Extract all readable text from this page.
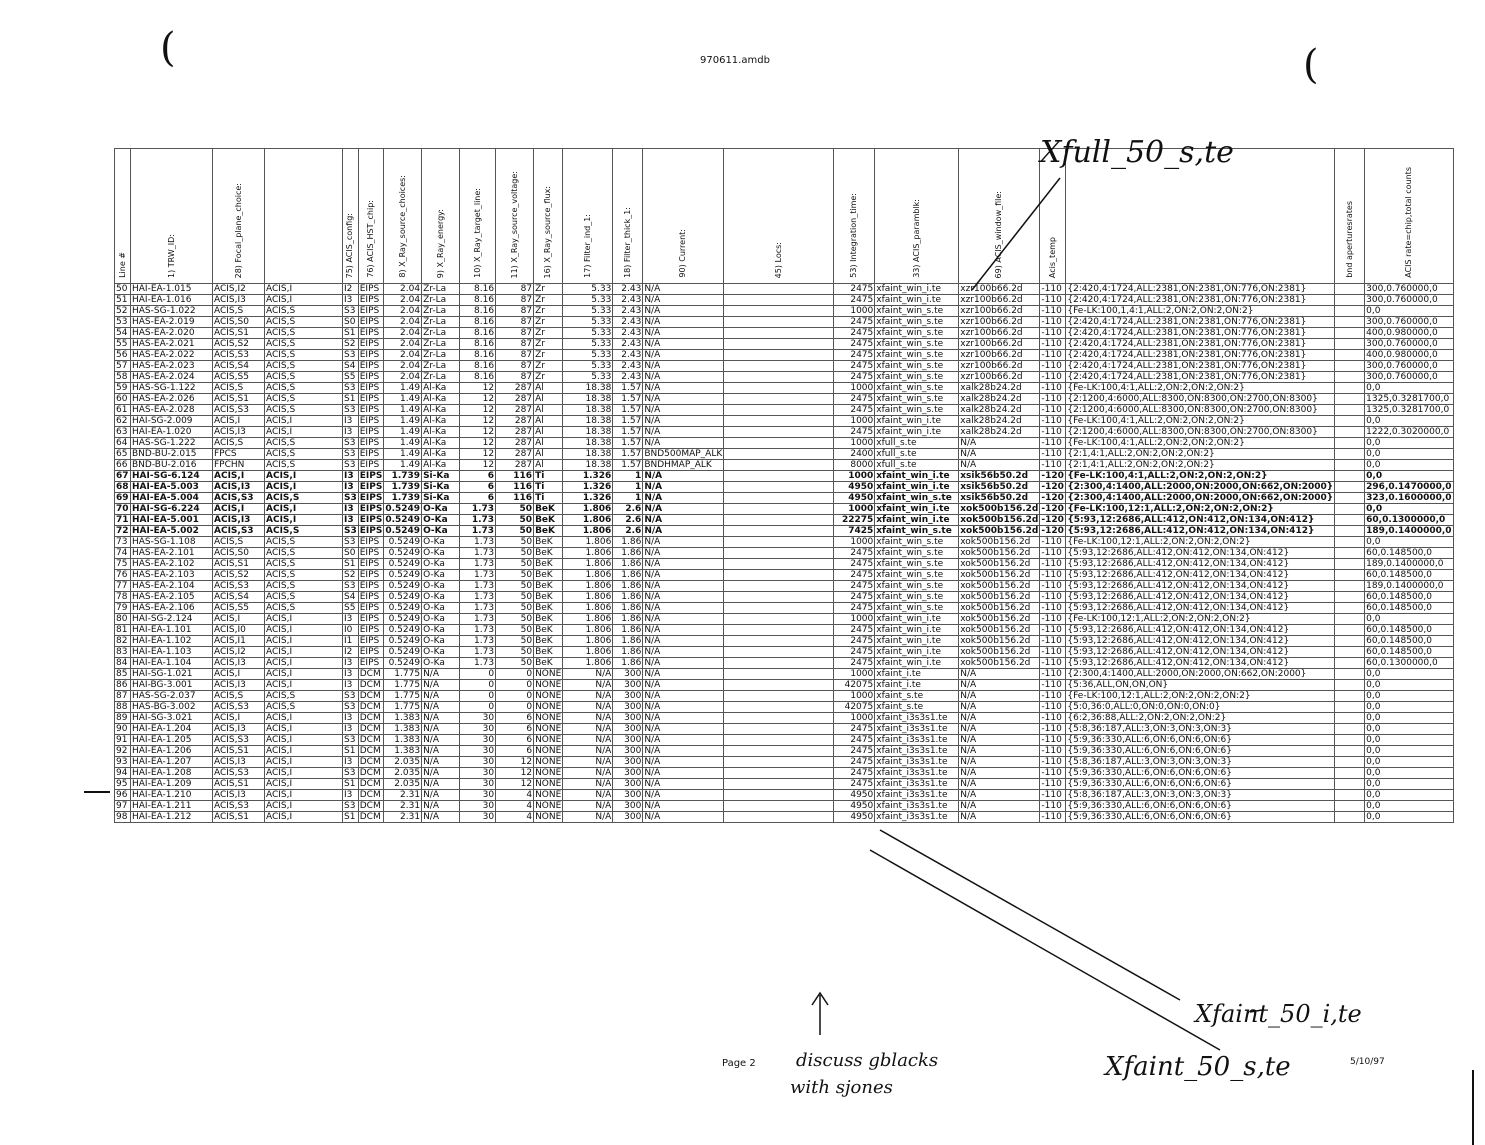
(	(
970611.amdb
Line #	1) TRW_ID:	28) Focal_plane_choice:		75) ACIS_config:	76) ACIS_HST_chip:	8) X_Ray_source_choices:	9) X_Ray_energy:	10) X_Ray_target_line:	11) X_Ray_source_voltage:	16) X_Ray_source_flux:	17) Filter_ind_1:	18) Filter_thick_1:	90) Current:	45) Locs:	53) Integration_time:	33) ACIS_paramblk:	69) ACIS_window_file:	Acis_temp		bnd aperturesrates	ACIS rate=chip,total counts
50	HAI-EA-1.015	ACIS,I2	ACIS,I	I2	EIPS	2.04	Zr-La	8.16	87	Zr	5.33	2.43	N/A		2475	xfaint_win_i.te	xzr100b66.2d	-110	{2:420,4:1724,ALL:2381,ON:2381,ON:776,ON:2381}		300,0.760000,0
51	HAI-EA-1.016	ACIS,I3	ACIS,I	I3	EIPS	2.04	Zr-La	8.16	87	Zr	5.33	2.43	N/A		2475	xfaint_win_i.te	xzr100b66.2d	-110	{2:420,4:1724,ALL:2381,ON:2381,ON:776,ON:2381}		300,0.760000,0
52	HAS-SG-1.022	ACIS,S	ACIS,S	S3	EIPS	2.04	Zr-La	8.16	87	Zr	5.33	2.43	N/A		1000	xfaint_win_s.te	xzr100b66.2d	-110	{Fe-LK:100,1,4:1,ALL:2,ON:2,ON:2,ON:2}		0,0
53	HAS-EA-2.019	ACIS,S0	ACIS,S	S0	EIPS	2.04	Zr-La	8.16	87	Zr	5.33	2.43	N/A		2475	xfaint_win_s.te	xzr100b66.2d	-110	{2:420,4:1724,ALL:2381,ON:2381,ON:776,ON:2381}		300,0.760000,0
54	HAS-EA-2.020	ACIS,S1	ACIS,S	S1	EIPS	2.04	Zr-La	8.16	87	Zr	5.33	2.43	N/A		2475	xfaint_win_s.te	xzr100b66.2d	-110	{2:420,4:1724,ALL:2381,ON:2381,ON:776,ON:2381}		400,0.980000,0
55	HAS-EA-2.021	ACIS,S2	ACIS,S	S2	EIPS	2.04	Zr-La	8.16	87	Zr	5.33	2.43	N/A		2475	xfaint_win_s.te	xzr100b66.2d	-110	{2:420,4:1724,ALL:2381,ON:2381,ON:776,ON:2381}		300,0.760000,0
56	HAS-EA-2.022	ACIS,S3	ACIS,S	S3	EIPS	2.04	Zr-La	8.16	87	Zr	5.33	2.43	N/A		2475	xfaint_win_s.te	xzr100b66.2d	-110	{2:420,4:1724,ALL:2381,ON:2381,ON:776,ON:2381}		400,0.980000,0
57	HAS-EA-2.023	ACIS,S4	ACIS,S	S4	EIPS	2.04	Zr-La	8.16	87	Zr	5.33	2.43	N/A		2475	xfaint_win_s.te	xzr100b66.2d	-110	{2:420,4:1724,ALL:2381,ON:2381,ON:776,ON:2381}		300,0.760000,0
58	HAS-EA-2.024	ACIS,S5	ACIS,S	S5	EIPS	2.04	Zr-La	8.16	87	Zr	5.33	2.43	N/A		2475	xfaint_win_s.te	xzr100b66.2d	-110	{2:420,4:1724,ALL:2381,ON:2381,ON:776,ON:2381}		300,0.760000,0
59	HAS-SG-1.122	ACIS,S	ACIS,S	S3	EIPS	1.49	Al-Ka	12	287	Al	18.38	1.57	N/A		1000	xfaint_win_s.te	xalk28b24.2d	-110	{Fe-LK:100,4:1,ALL:2,ON:2,ON:2,ON:2}		0,0
60	HAS-EA-2.026	ACIS,S1	ACIS,S	S1	EIPS	1.49	Al-Ka	12	287	Al	18.38	1.57	N/A		2475	xfaint_win_s.te	xalk28b24.2d	-110	{2:1200,4:6000,ALL:8300,ON:8300,ON:2700,ON:8300}		1325,0.3281700,0
61	HAS-EA-2.028	ACIS,S3	ACIS,S	S3	EIPS	1.49	Al-Ka	12	287	Al	18.38	1.57	N/A		2475	xfaint_win_s.te	xalk28b24.2d	-110	{2:1200,4:6000,ALL:8300,ON:8300,ON:2700,ON:8300}		1325,0.3281700,0
62	HAI-SG-2.009	ACIS,I	ACIS,I	I3	EIPS	1.49	Al-Ka	12	287	Al	18.38	1.57	N/A		1000	xfaint_win_i.te	xalk28b24.2d	-110	{Fe-LK:100,4:1,ALL:2,ON:2,ON:2,ON:2}		0,0
63	HAI-EA-1.020	ACIS,I3	ACIS,I	I3	EIPS	1.49	Al-Ka	12	287	Al	18.38	1.57	N/A		2475	xfaint_win_i.te	xalk28b24.2d	-110	{2:1200,4:6000,ALL:8300,ON:8300,ON:2700,ON:8300}		1222,0.3020000,0
64	HAS-SG-1.222	ACIS,S	ACIS,S	S3	EIPS	1.49	Al-Ka	12	287	Al	18.38	1.57	N/A		1000	xfull_s.te	N/A	-110	{Fe-LK:100,4:1,ALL:2,ON:2,ON:2,ON:2}		0,0
65	BND-BU-2.015	FPCS	ACIS,S	S3	EIPS	1.49	Al-Ka	12	287	Al	18.38	1.57	BND500MAP_ALK		2400	xfull_s.te	N/A	-110	{2:1,4:1,ALL:2,ON:2,ON:2,ON:2}		0,0
66	BND-BU-2.016	FPCHN	ACIS,S	S3	EIPS	1.49	Al-Ka	12	287	Al	18.38	1.57	BNDHMAP_ALK		8000	xfull_s.te	N/A	-110	{2:1,4:1,ALL:2,ON:2,ON:2,ON:2}		0,0
67	HAI-SG-6.124	ACIS,I	ACIS,I	I3	EIPS	1.739	Si-Ka	6	116	Ti	1.326	1	N/A		1000	xfaint_win_i.te	xsik56b50.2d	-120	{Fe-LK:100,4:1,ALL:2,ON:2,ON:2,ON:2}		0,0
68	HAI-EA-5.003	ACIS,I3	ACIS,I	I3	EIPS	1.739	Si-Ka	6	116	Ti	1.326	1	N/A		4950	xfaint_win_i.te	xsik56b50.2d	-120	{2:300,4:1400,ALL:2000,ON:2000,ON:662,ON:2000}		296,0.1470000,0
69	HAI-EA-5.004	ACIS,S3	ACIS,S	S3	EIPS	1.739	Si-Ka	6	116	Ti	1.326	1	N/A		4950	xfaint_win_s.te	xsik56b50.2d	-120	{2:300,4:1400,ALL:2000,ON:2000,ON:662,ON:2000}		323,0.1600000,0
70	HAI-SG-6.224	ACIS,I	ACIS,I	I3	EIPS	0.5249	O-Ka	1.73	50	BeK	1.806	2.6	N/A		1000	xfaint_win_i.te	xok500b156.2d	-120	{Fe-LK:100,12:1,ALL:2,ON:2,ON:2,ON:2}		0,0
71	HAI-EA-5.001	ACIS,I3	ACIS,I	I3	EIPS	0.5249	O-Ka	1.73	50	BeK	1.806	2.6	N/A		22275	xfaint_win_i.te	xok500b156.2d	-120	{5:93,12:2686,ALL:412,ON:412,ON:134,ON:412}		60,0.1300000,0
72	HAI-EA-5.002	ACIS,S3	ACIS,S	S3	EIPS	0.5249	O-Ka	1.73	50	BeK	1.806	2.6	N/A		7425	xfaint_win_s.te	xok500b156.2d	-120	{5:93,12:2686,ALL:412,ON:412,ON:134,ON:412}		189,0.1400000,0
73	HAS-SG-1.108	ACIS,S	ACIS,S	S3	EIPS	0.5249	O-Ka	1.73	50	BeK	1.806	1.86	N/A		1000	xfaint_win_s.te	xok500b156.2d	-110	{Fe-LK:100,12:1,ALL:2,ON:2,ON:2,ON:2}		0,0
74	HAS-EA-2.101	ACIS,S0	ACIS,S	S0	EIPS	0.5249	O-Ka	1.73	50	BeK	1.806	1.86	N/A		2475	xfaint_win_s.te	xok500b156.2d	-110	{5:93,12:2686,ALL:412,ON:412,ON:134,ON:412}		60,0.148500,0
75	HAS-EA-2.102	ACIS,S1	ACIS,S	S1	EIPS	0.5249	O-Ka	1.73	50	BeK	1.806	1.86	N/A		2475	xfaint_win_s.te	xok500b156.2d	-110	{5:93,12:2686,ALL:412,ON:412,ON:134,ON:412}		189,0.1400000,0
76	HAS-EA-2.103	ACIS,S2	ACIS,S	S2	EIPS	0.5249	O-Ka	1.73	50	BeK	1.806	1.86	N/A		2475	xfaint_win_s.te	xok500b156.2d	-110	{5:93,12:2686,ALL:412,ON:412,ON:134,ON:412}		60,0.148500,0
77	HAS-EA-2.104	ACIS,S3	ACIS,S	S3	EIPS	0.5249	O-Ka	1.73	50	BeK	1.806	1.86	N/A		2475	xfaint_win_s.te	xok500b156.2d	-110	{5:93,12:2686,ALL:412,ON:412,ON:134,ON:412}		189,0.1400000,0
78	HAS-EA-2.105	ACIS,S4	ACIS,S	S4	EIPS	0.5249	O-Ka	1.73	50	BeK	1.806	1.86	N/A		2475	xfaint_win_s.te	xok500b156.2d	-110	{5:93,12:2686,ALL:412,ON:412,ON:134,ON:412}		60,0.148500,0
79	HAS-EA-2.106	ACIS,S5	ACIS,S	S5	EIPS	0.5249	O-Ka	1.73	50	BeK	1.806	1.86	N/A		2475	xfaint_win_s.te	xok500b156.2d	-110	{5:93,12:2686,ALL:412,ON:412,ON:134,ON:412}		60,0.148500,0
80	HAI-SG-2.124	ACIS,I	ACIS,I	I3	EIPS	0.5249	O-Ka	1.73	50	BeK	1.806	1.86	N/A		1000	xfaint_win_i.te	xok500b156.2d	-110	{Fe-LK:100,12:1,ALL:2,ON:2,ON:2,ON:2}		0,0
81	HAI-EA-1.101	ACIS,I0	ACIS,I	I0	EIPS	0.5249	O-Ka	1.73	50	BeK	1.806	1.86	N/A		2475	xfaint_win_i.te	xok500b156.2d	-110	{5:93,12:2686,ALL:412,ON:412,ON:134,ON:412}		60,0.148500,0
82	HAI-EA-1.102	ACIS,I1	ACIS,I	I1	EIPS	0.5249	O-Ka	1.73	50	BeK	1.806	1.86	N/A		2475	xfaint_win_i.te	xok500b156.2d	-110	{5:93,12:2686,ALL:412,ON:412,ON:134,ON:412}		60,0.148500,0
83	HAI-EA-1.103	ACIS,I2	ACIS,I	I2	EIPS	0.5249	O-Ka	1.73	50	BeK	1.806	1.86	N/A		2475	xfaint_win_i.te	xok500b156.2d	-110	{5:93,12:2686,ALL:412,ON:412,ON:134,ON:412}		60,0.148500,0
84	HAI-EA-1.104	ACIS,I3	ACIS,I	I3	EIPS	0.5249	O-Ka	1.73	50	BeK	1.806	1.86	N/A		2475	xfaint_win_i.te	xok500b156.2d	-110	{5:93,12:2686,ALL:412,ON:412,ON:134,ON:412}		60,0.1300000,0
85	HAI-SG-1.021	ACIS,I	ACIS,I	I3	DCM	1.775	N/A	0	0	NONE	N/A	300	N/A		1000	xfaint_i.te	N/A	-110	{2:300,4:1400,ALL:2000,ON:2000,ON:662,ON:2000}		0,0
86	HAI-BG-3.001	ACIS,I3	ACIS,I	I3	DCM	1.775	N/A	0	0	NONE	N/A	300	N/A		42075	xfaint_i.te	N/A	-110	{5:36,ALL,ON,ON,ON}		0,0
87	HAS-SG-2.037	ACIS,S	ACIS,S	S3	DCM	1.775	N/A	0	0	NONE	N/A	300	N/A		1000	xfaint_s.te	N/A	-110	{Fe-LK:100,12:1,ALL:2,ON:2,ON:2,ON:2}		0,0
88	HAS-BG-3.002	ACIS,S3	ACIS,S	S3	DCM	1.775	N/A	0	0	NONE	N/A	300	N/A		42075	xfaint_s.te	N/A	-110	{5:0,36:0,ALL:0,ON:0,ON:0,ON:0}		0,0
89	HAI-SG-3.021	ACIS,I	ACIS,I	I3	DCM	1.383	N/A	30	6	NONE	N/A	300	N/A		1000	xfaint_i3s3s1.te	N/A	-110	{6:2,36:88,ALL:2,ON:2,ON:2,ON:2}		0,0
90	HAI-EA-1.204	ACIS,I3	ACIS,I	I3	DCM	1.383	N/A	30	6	NONE	N/A	300	N/A		2475	xfaint_i3s3s1.te	N/A	-110	{5:8,36:187,ALL:3,ON:3,ON:3,ON:3}		0,0
91	HAI-EA-1.205	ACIS,S3	ACIS,I	S3	DCM	1.383	N/A	30	6	NONE	N/A	300	N/A		2475	xfaint_i3s3s1.te	N/A	-110	{5:9,36:330,ALL:6,ON:6,ON:6,ON:6}		0,0
92	HAI-EA-1.206	ACIS,S1	ACIS,I	S1	DCM	1.383	N/A	30	6	NONE	N/A	300	N/A		2475	xfaint_i3s3s1.te	N/A	-110	{5:9,36:330,ALL:6,ON:6,ON:6,ON:6}		0,0
93	HAI-EA-1.207	ACIS,I3	ACIS,I	I3	DCM	2.035	N/A	30	12	NONE	N/A	300	N/A		2475	xfaint_i3s3s1.te	N/A	-110	{5:8,36:187,ALL:3,ON:3,ON:3,ON:3}		0,0
94	HAI-EA-1.208	ACIS,S3	ACIS,I	S3	DCM	2.035	N/A	30	12	NONE	N/A	300	N/A		2475	xfaint_i3s3s1.te	N/A	-110	{5:9,36:330,ALL:6,ON:6,ON:6,ON:6}		0,0
95	HAI-EA-1.209	ACIS,S1	ACIS,I	S1	DCM	2.035	N/A	30	12	NONE	N/A	300	N/A		2475	xfaint_i3s3s1.te	N/A	-110	{5:9,36:330,ALL:6,ON:6,ON:6,ON:6}		0,0
96	HAI-EA-1.210	ACIS,I3	ACIS,I	I3	DCM	2.31	N/A	30	4	NONE	N/A	300	N/A		4950	xfaint_i3s3s1.te	N/A	-110	{5:8,36:187,ALL:3,ON:3,ON:3,ON:3}		0,0
97	HAI-EA-1.211	ACIS,S3	ACIS,I	S3	DCM	2.31	N/A	30	4	NONE	N/A	300	N/A		4950	xfaint_i3s3s1.te	N/A	-110	{5:9,36:330,ALL:6,ON:6,ON:6,ON:6}		0,0
98	HAI-EA-1.212	ACIS,S1	ACIS,I	S1	DCM	2.31	N/A	30	4	NONE	N/A	300	N/A		4950	xfaint_i3s3s1.te	N/A	-110	{5:9,36:330,ALL:6,ON:6,ON:6,ON:6}		0,0
Xfull_50_s,te
Xfaint_50_i,te
discuss gblacks
with sjones
Xfaint_50_s,te
Page 2	5/10/97
